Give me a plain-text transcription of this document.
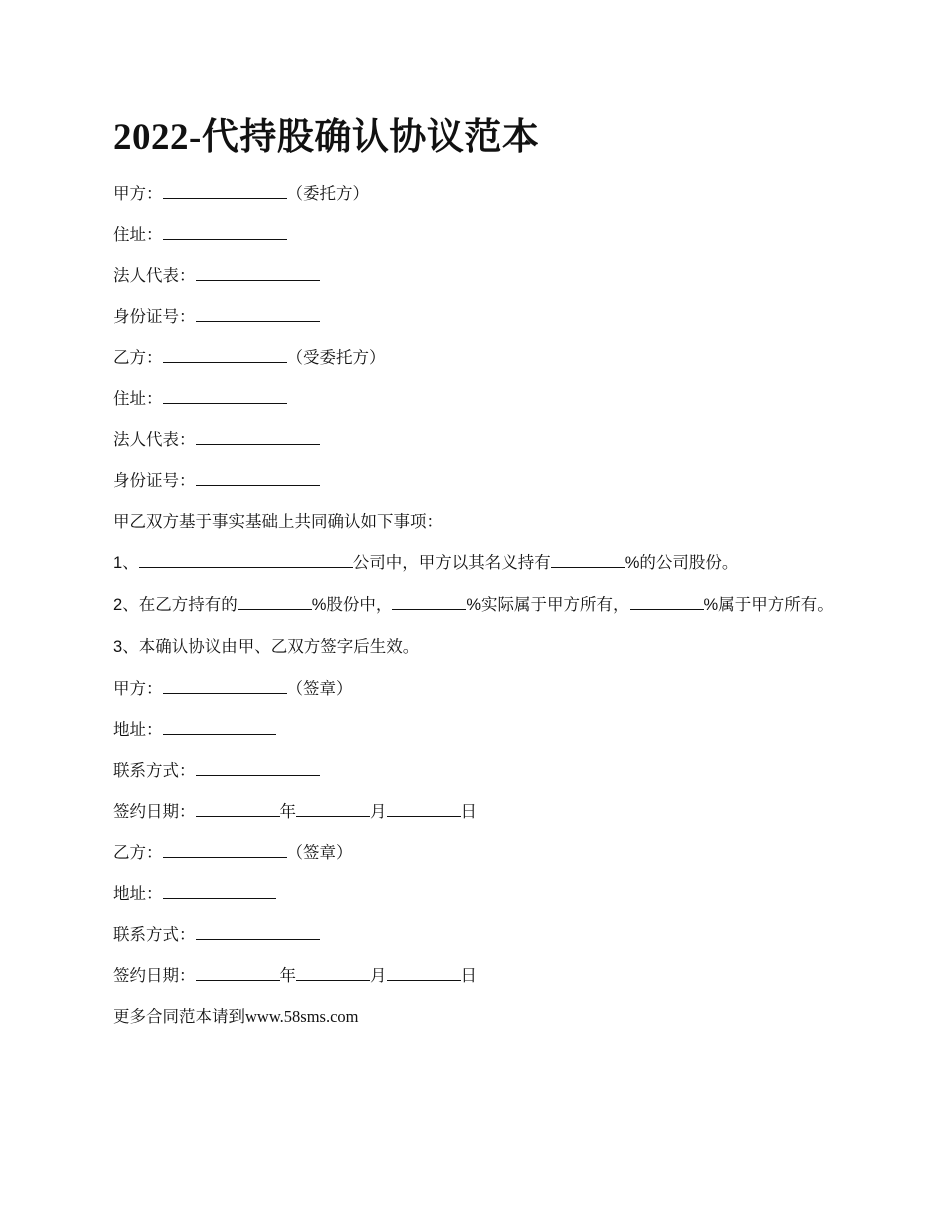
2022-代持股确认协议范本

甲方：	（委托方）

住址：

法人代表：

身份证号：

乙方：	（受委托方）

住址：

法人代表：

身份证号：

甲乙双方基于事实基础上共同确认如下事项：

1、	公司中，甲方以其名义持有	%的公司股份。

2、在乙方持有的	%股份中，	%实际属于甲方所有，	%属于甲方所有。

3、本确认协议由甲、乙双方签字后生效。

甲方：	（签章）

地址：

联系方式：

签约日期：	年	月	日

乙方：	（签章）

地址：

联系方式：

签约日期：	年	月	日

更多合同范本请到www.58sms.com
